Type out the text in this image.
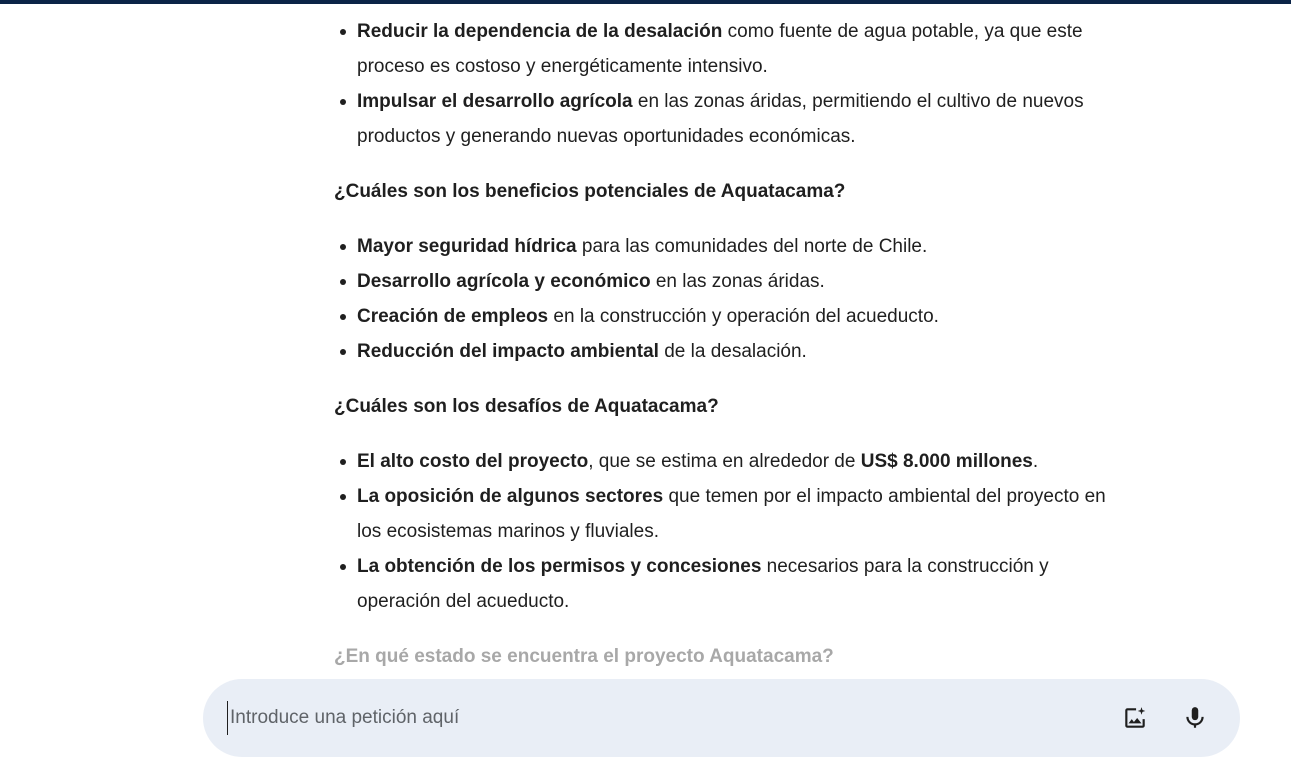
Reducir la dependencia de la desalación como fuente de agua potable, ya que este proceso es costoso y energéticamente intensivo.
Impulsar el desarrollo agrícola en las zonas áridas, permitiendo el cultivo de nuevos productos y generando nuevas oportunidades económicas.
¿Cuáles son los beneficios potenciales de Aquatacama?
Mayor seguridad hídrica para las comunidades del norte de Chile.
Desarrollo agrícola y económico en las zonas áridas.
Creación de empleos en la construcción y operación del acueducto.
Reducción del impacto ambiental de la desalación.
¿Cuáles son los desafíos de Aquatacama?
El alto costo del proyecto, que se estima en alrededor de US$ 8.000 millones.
La oposición de algunos sectores que temen por el impacto ambiental del proyecto en los ecosistemas marinos y fluviales.
La obtención de los permisos y concesiones necesarios para la construcción y operación del acueducto.
¿En qué estado se encuentra el proyecto Aquatacama?
Introduce una petición aquí
